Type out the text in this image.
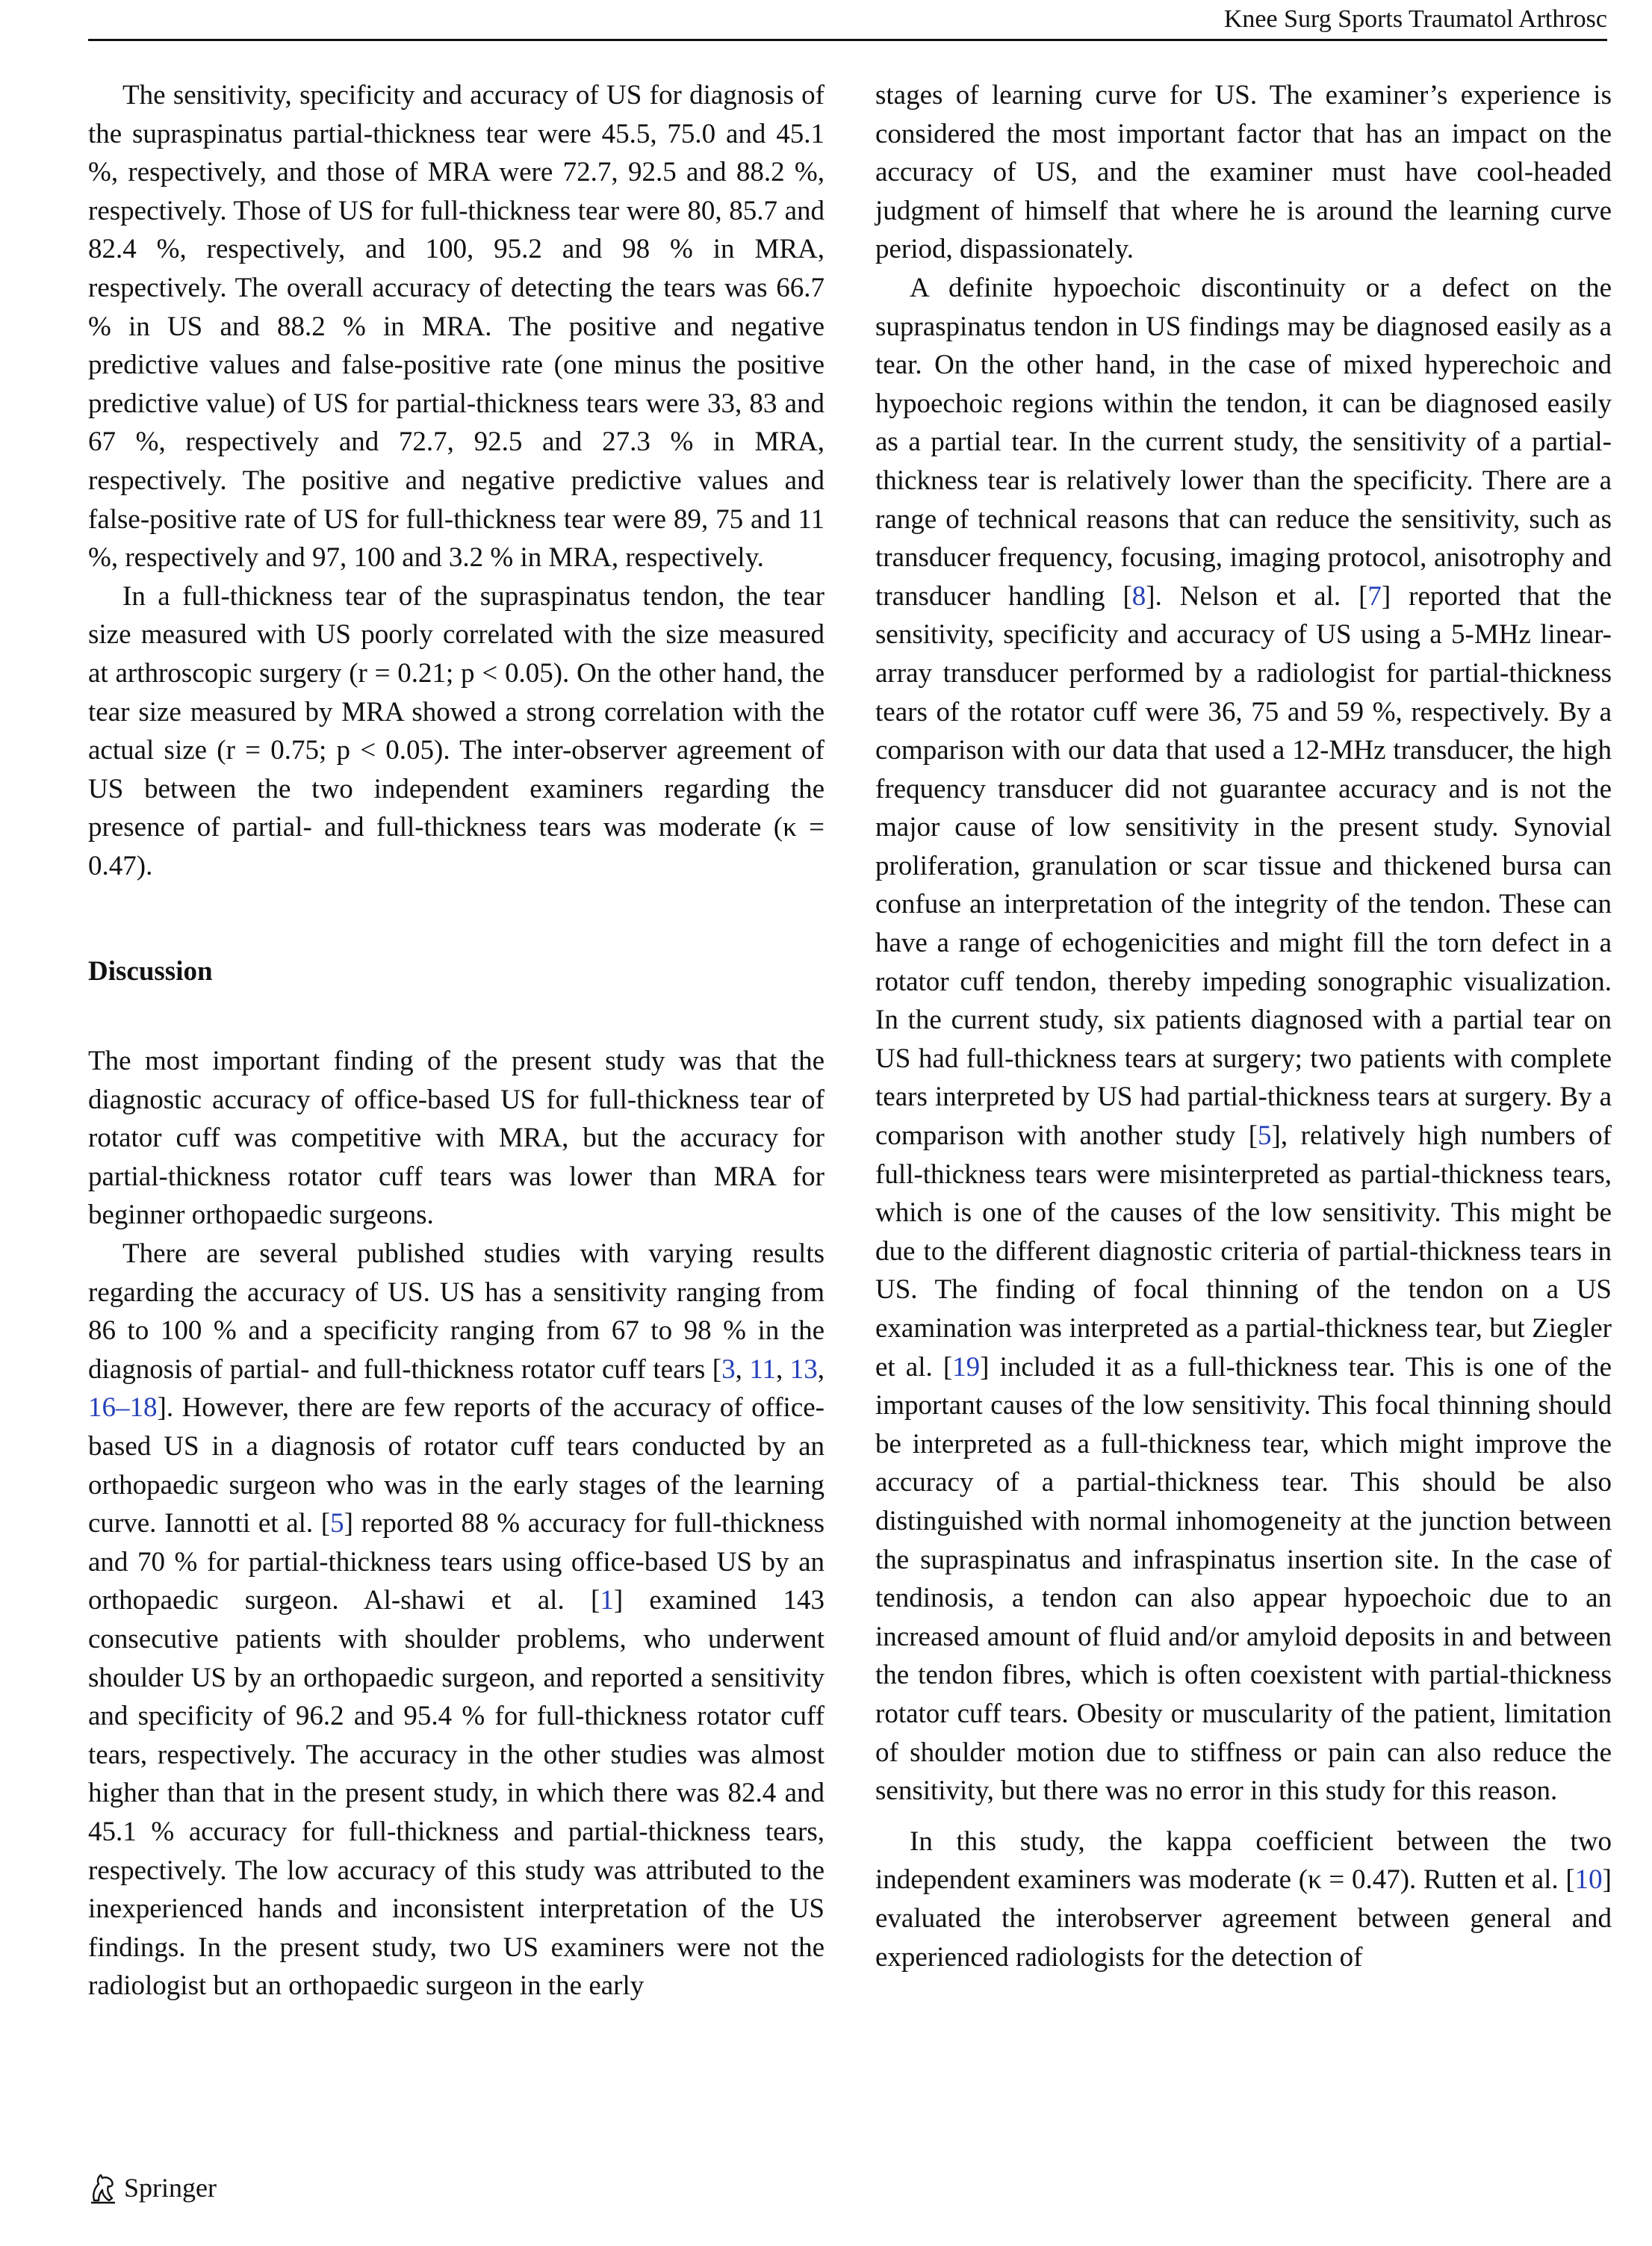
Knee Surg Sports Traumatol Arthrosc

The sensitivity, specificity and accuracy of US for diagnosis of the supraspinatus partial-thickness tear were 45.5, 75.0 and 45.1 %, respectively, and those of MRA were 72.7, 92.5 and 88.2 %, respectively. Those of US for full-thickness tear were 80, 85.7 and 82.4 %, respectively, and 100, 95.2 and 98 % in MRA, respectively. The overall accuracy of detecting the tears was 66.7 % in US and 88.2 % in MRA. The positive and negative predictive values and false-positive rate (one minus the positive predictive value) of US for partial-thickness tears were 33, 83 and 67 %, respectively and 72.7, 92.5 and 27.3 % in MRA, respectively. The positive and negative predictive values and false-positive rate of US for full-thickness tear were 89, 75 and 11 %, respectively and 97, 100 and 3.2 % in MRA, respectively.

In a full-thickness tear of the supraspinatus tendon, the tear size measured with US poorly correlated with the size measured at arthroscopic surgery (r = 0.21; p < 0.05). On the other hand, the tear size measured by MRA showed a strong correlation with the actual size (r = 0.75; p < 0.05). The inter-observer agreement of US between the two independent examiners regarding the presence of partial- and full-thickness tears was moderate (κ = 0.47).

Discussion

The most important finding of the present study was that the diagnostic accuracy of office-based US for full-thickness tear of rotator cuff was competitive with MRA, but the accuracy for partial-thickness rotator cuff tears was lower than MRA for beginner orthopaedic surgeons.

There are several published studies with varying results regarding the accuracy of US. US has a sensitivity ranging from 86 to 100 % and a specificity ranging from 67 to 98 % in the diagnosis of partial- and full-thickness rotator cuff tears [3, 11, 13, 16–18]. However, there are few reports of the accuracy of office-based US in a diagnosis of rotator cuff tears conducted by an orthopaedic surgeon who was in the early stages of the learning curve. Iannotti et al. [5] reported 88 % accuracy for full-thickness and 70 % for partial-thickness tears using office-based US by an orthopaedic surgeon. Al-shawi et al. [1] examined 143 consecutive patients with shoulder problems, who underwent shoulder US by an orthopaedic surgeon, and reported a sensitivity and specificity of 96.2 and 95.4 % for full-thickness rotator cuff tears, respectively. The accuracy in the other studies was almost higher than that in the present study, in which there was 82.4 and 45.1 % accuracy for full-thickness and partial-thickness tears, respectively. The low accuracy of this study was attributed to the inexperienced hands and inconsistent interpretation of the US findings. In the present study, two US examiners were not the radiologist but an orthopaedic surgeon in the early

stages of learning curve for US. The examiner’s experience is considered the most important factor that has an impact on the accuracy of US, and the examiner must have cool-headed judgment of himself that where he is around the learning curve period, dispassionately.

A definite hypoechoic discontinuity or a defect on the supraspinatus tendon in US findings may be diagnosed easily as a tear. On the other hand, in the case of mixed hyperechoic and hypoechoic regions within the tendon, it can be diagnosed easily as a partial tear. In the current study, the sensitivity of a partial-thickness tear is relatively lower than the specificity. There are a range of technical reasons that can reduce the sensitivity, such as transducer frequency, focusing, imaging protocol, anisotrophy and transducer handling [8]. Nelson et al. [7] reported that the sensitivity, specificity and accuracy of US using a 5-MHz linear-array transducer performed by a radiologist for partial-thickness tears of the rotator cuff were 36, 75 and 59 %, respectively. By a comparison with our data that used a 12-MHz transducer, the high frequency transducer did not guarantee accuracy and is not the major cause of low sensitivity in the present study. Synovial proliferation, granulation or scar tissue and thickened bursa can confuse an interpretation of the integrity of the tendon. These can have a range of echogenicities and might fill the torn defect in a rotator cuff tendon, thereby impeding sonographic visualization. In the current study, six patients diagnosed with a partial tear on US had full-thickness tears at surgery; two patients with complete tears interpreted by US had partial-thickness tears at surgery. By a comparison with another study [5], relatively high numbers of full-thickness tears were misinterpreted as partial-thickness tears, which is one of the causes of the low sensitivity. This might be due to the different diagnostic criteria of partial-thickness tears in US. The finding of focal thinning of the tendon on a US examination was interpreted as a partial-thickness tear, but Ziegler et al. [19] included it as a full-thickness tear. This is one of the important causes of the low sensitivity. This focal thinning should be interpreted as a full-thickness tear, which might improve the accuracy of a partial-thickness tear. This should be also distinguished with normal inhomogeneity at the junction between the supraspinatus and infraspinatus insertion site. In the case of tendinosis, a tendon can also appear hypoechoic due to an increased amount of fluid and/or amyloid deposits in and between the tendon fibres, which is often coexistent with partial-thickness rotator cuff tears. Obesity or muscularity of the patient, limitation of shoulder motion due to stiffness or pain can also reduce the sensitivity, but there was no error in this study for this reason.

In this study, the kappa coefficient between the two independent examiners was moderate (κ = 0.47). Rutten et al. [10] evaluated the interobserver agreement between general and experienced radiologists for the detection of

Springer
